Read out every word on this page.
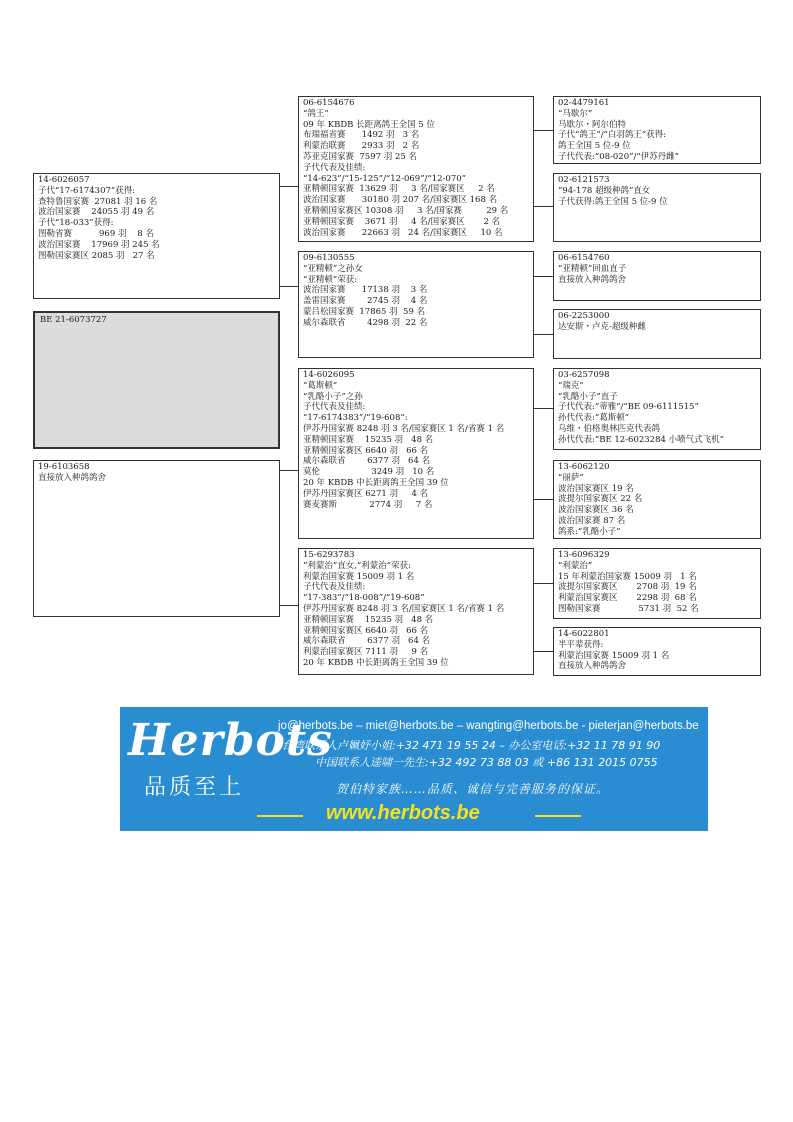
BE 21-6073727
14-6026057
子代“17-6174307”获得:
查特鲁国家赛  27081 羽 16 名
波治国家赛    24055 羽 49 名
子代“18-033”获得:
图勒省赛          969 羽    8 名
波治国家赛    17969 羽 245 名
图勒国家赛区 2085 羽   27 名
19-6103658
直接放入种鸽鸽舍
06-6154676
“鸽王”
09 年 KBDB 长距离鸽王全国 5 位
布瑞福省赛      1492 羽   3 名
利蒙治联赛      2933 羽   2 名
苏亚克国家赛  7597 羽 25 名
子代代表及佳绩:
“14-623”/“15-125”/“12-069”/“12-070”
亚精顿国家赛  13629 羽     3 名/国家赛区     2 名
波治国家赛      30180 羽 207 名/国家赛区 168 名
亚精顿国家赛区 10308 羽     3 名/国家赛         29 名
亚精顿国家赛    3671 羽     4 名/国家赛区       2 名
波治国家赛      22663 羽   24 名/国家赛区     10 名
09-6130555
“亚精顿”之孙女
“亚精顿”荣获:
波治国家赛      17138 羽    3 名
盖雷国家赛        2745 羽    4 名
蒙吕松国家赛  17865 羽  59 名
威尔森联省        4298 羽  22 名
14-6026095
“葛斯顿”
“乳酪小子”之孙
子代代表及佳绩:
“17-6174383”/“19-608”:
伊苏丹国家赛 8248 羽 3 名/国家赛区 1 名/省赛 1 名
亚精顿国家赛    15235 羽   48 名
亚精顿国家赛区 6640 羽   66 名
威尔森联省        6377 羽   64 名
莫伦                   3249 羽   10 名
20 年 KBDB 中长距离鸽王全国 39 位
伊苏丹国家赛区 6271 羽     4 名
赛麦赛斯            2774 羽     7 名
15-6293783
“利蒙治”直女,“利蒙治”荣获:
利蒙治国家赛 15009 羽 1 名
子代代表及佳绩:
“17-383”/“18-008”/“19-608”
伊苏丹国家赛 8248 羽 3 名/国家赛区 1 名/省赛 1 名
亚精顿国家赛    15235 羽   48 名
亚精顿国家赛区 6640 羽   66 名
威尔森联省        6377 羽   64 名
利蒙治国家赛区 7111 羽     9 名
20 年 KBDB 中长距离鸽王全国 39 位
02-4479161
“马歇尔”
马歇尔・阿尔伯特
子代“鸽王”/“白羽鸽王”获得:
鸽王全国 5 位-9 位
子代代表:“08-020”/“伊苏丹雌”
02-6121573
“94-178 超级种鸽”直女
子代获得:鸽王全国 5 位-9 位
06-6154760
“亚精顿”回血直子
直接放入种鸽鸽舍
06-2253000
达安斯・卢克-超级种雌
03-6257098
“瑞克”
“乳酪小子”直子
子代代表:“蒂雅”/“BE 09-6111515”
孙代代表:“葛斯顿”
乌维・伯格奥林匹克代表鸽
孙代代表:“BE 12-6023284 小喷气式飞机”
13-6062120
“丽萨”
波治国家赛区 19 名
波提尔国家赛区 22 名
波治国家赛区 36 名
波治国家赛 87 名
鸽系:“乳酪小子”
13-6096329
“利蒙治”
15 年利蒙治国家赛 15009 羽   1 名
波提尔国家赛区       2708 羽  19 名
利蒙治国家赛区       2298 羽  68 名
图勒国家赛              5731 羽  52 名
14-6022801
半平辈获得:
利蒙治国家赛 15009 羽 1 名
直接放入种鸽鸽舍
Herbots
品质至上
jo@herbots.be – miet@herbots.be – wangting@herbots.be - pieterjan@herbots.be
台湾联系人卢姵妤小姐:+32 471 19 55 24 – 办公室电话:+32 11 78 91 90
中国联系人逵啸一先生:+32 492 73 88 03 或 +86 131 2015 0755
贺伯特家族……品质、诚信与完善服务的保证。
www.herbots.be
